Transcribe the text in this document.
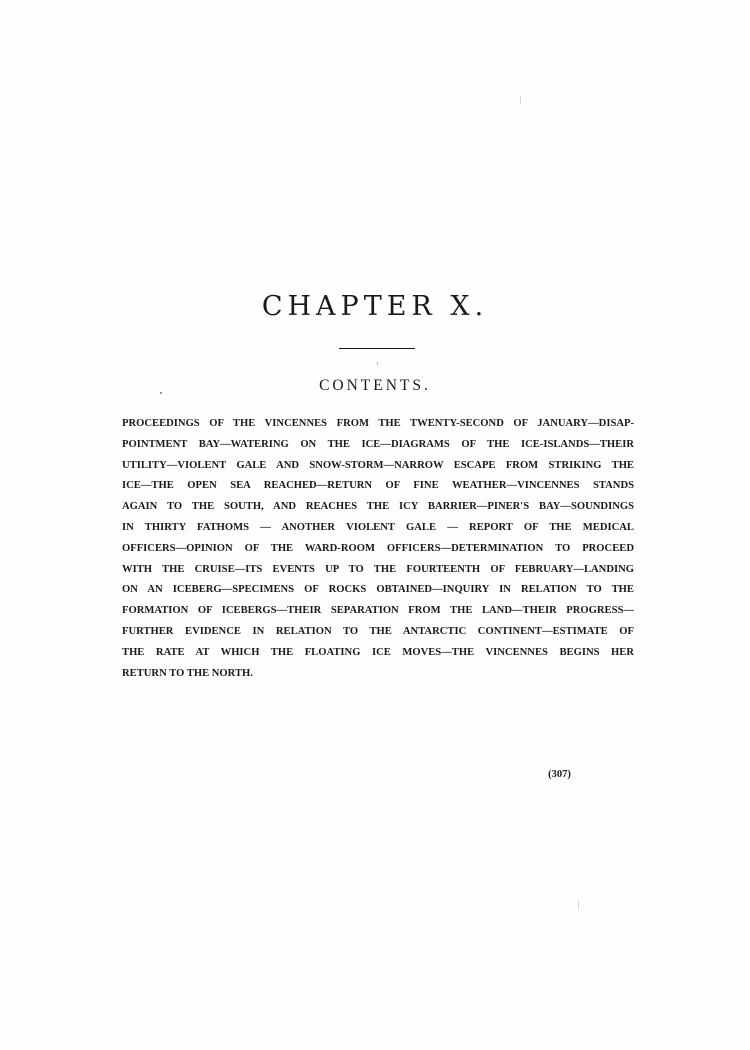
CHAPTER X.
CONTENTS.
PROCEEDINGS OF THE VINCENNES FROM THE TWENTY-SECOND OF JANUARY—DISAP-
POINTMENT BAY—WATERING ON THE ICE—DIAGRAMS OF THE ICE-ISLANDS—THEIR
UTILITY—VIOLENT GALE AND SNOW-STORM—NARROW ESCAPE FROM STRIKING THE
ICE—THE OPEN SEA REACHED—RETURN OF FINE WEATHER—VINCENNES STANDS
AGAIN TO THE SOUTH, AND REACHES THE ICY BARRIER—PINER'S BAY—SOUNDINGS
IN THIRTY FATHOMS — ANOTHER VIOLENT GALE — REPORT OF THE MEDICAL
OFFICERS—OPINION OF THE WARD-ROOM OFFICERS—DETERMINATION TO PROCEED
WITH THE CRUISE—ITS EVENTS UP TO THE FOURTEENTH OF FEBRUARY—LANDING
ON AN ICEBERG—SPECIMENS OF ROCKS OBTAINED—INQUIRY IN RELATION TO THE
FORMATION OF ICEBERGS—THEIR SEPARATION FROM THE LAND—THEIR PROGRESS—
FURTHER EVIDENCE IN RELATION TO THE ANTARCTIC CONTINENT—ESTIMATE OF
THE RATE AT WHICH THE FLOATING ICE MOVES—THE VINCENNES BEGINS HER
RETURN TO THE NORTH.

(307)
